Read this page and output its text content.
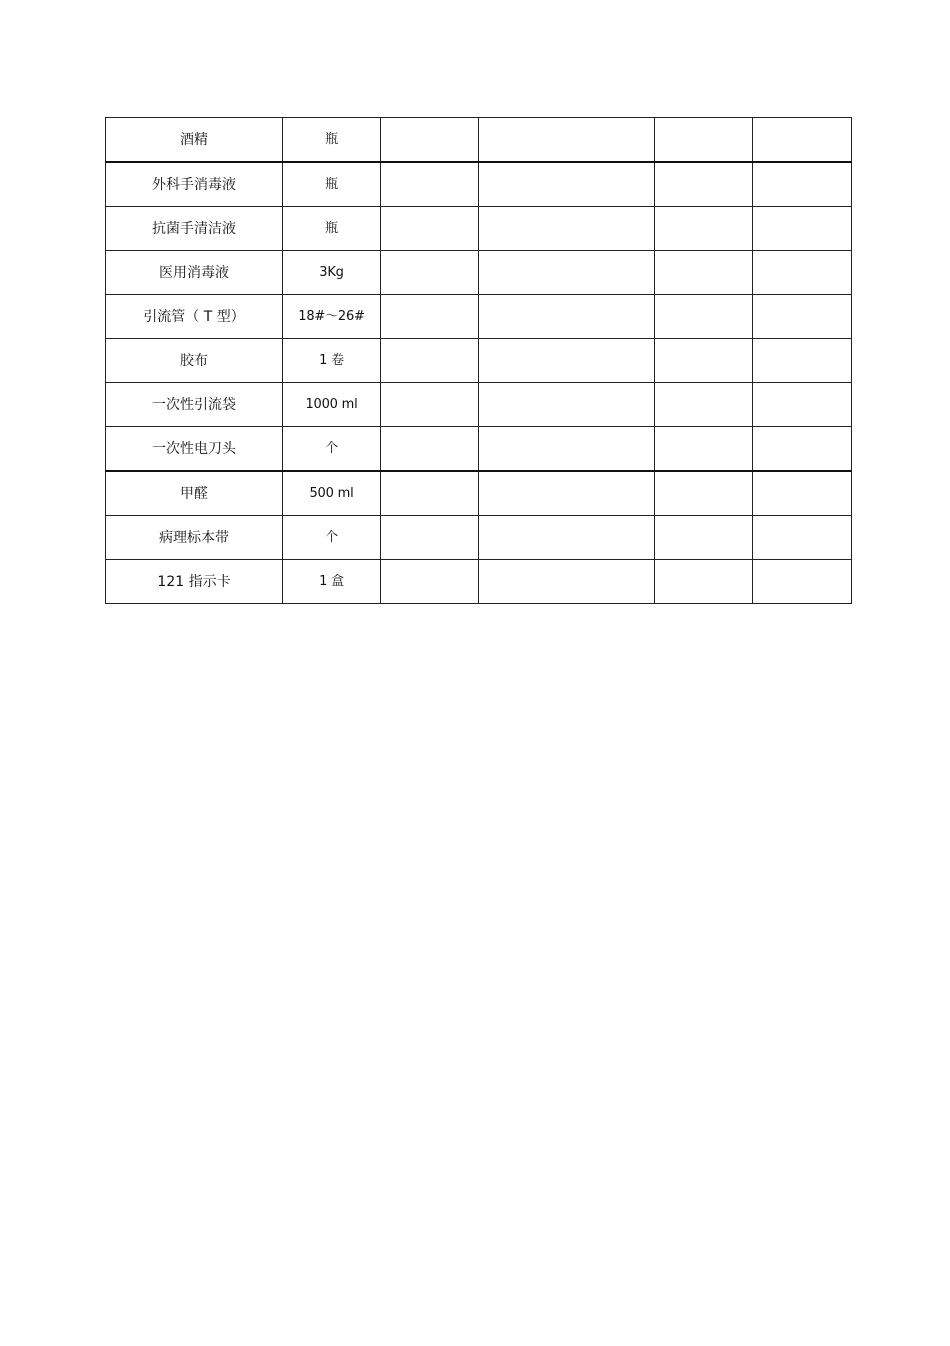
酒精	瓶				
外科手消毒液	瓶				
抗菌手清洁液	瓶				
医用消毒液	3Kg				
引流管（ T 型）	18#～26#				
胶布	1 卷				
一次性引流袋	1000 ml				
一次性电刀头	个				
甲醛	500 ml				
病理标本带	个				
121 指示卡	1 盒				
